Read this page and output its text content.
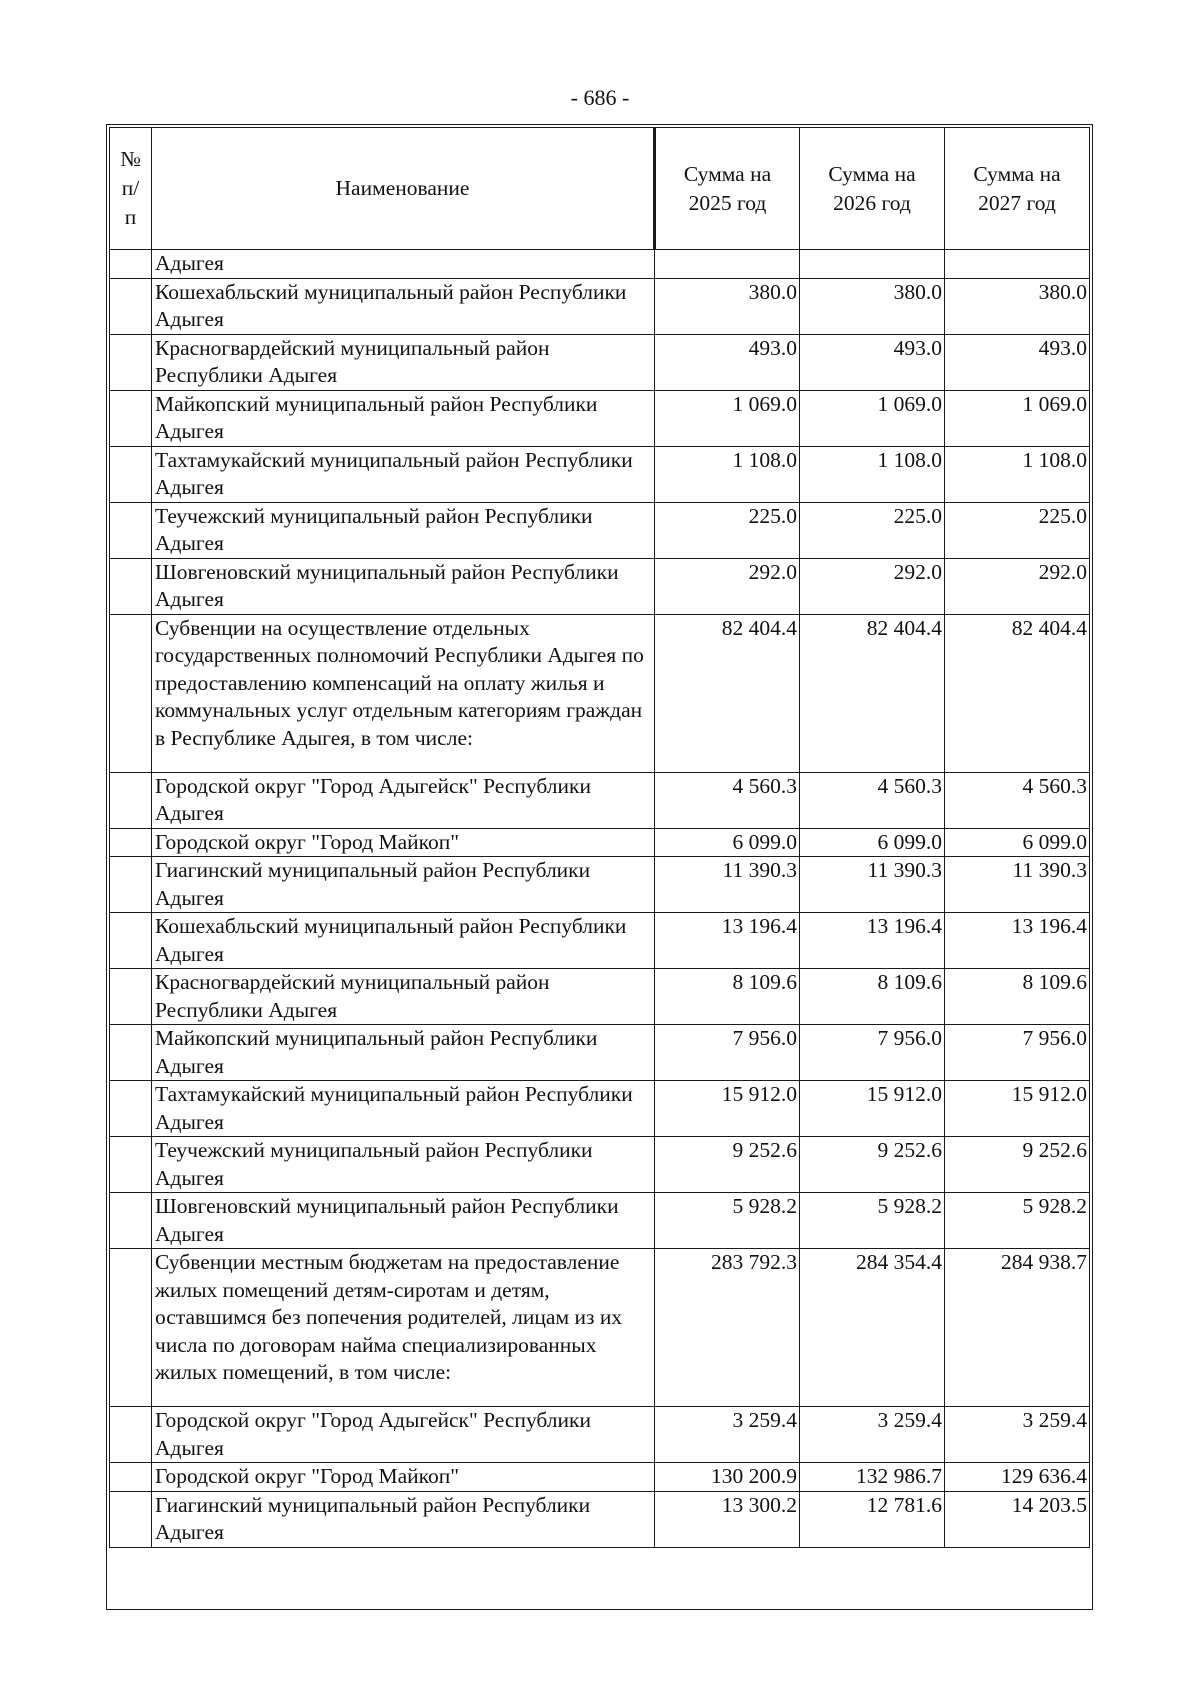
- 686 -
№ п/п	Наименование	Сумма на 2025 год	Сумма на 2026 год	Сумма на 2027 год
	Адыгея			
	Кошехабльский муниципальный район Республики Адыгея	380.0	380.0	380.0
	Красногвардейский муниципальный район Республики Адыгея	493.0	493.0	493.0
	Майкопский муниципальный район Республики Адыгея	1 069.0	1 069.0	1 069.0
	Тахтамукайский муниципальный район Республики Адыгея	1 108.0	1 108.0	1 108.0
	Теучежский муниципальный район Республики Адыгея	225.0	225.0	225.0
	Шовгеновский муниципальный район Республики Адыгея	292.0	292.0	292.0
	Субвенции на осуществление отдельных государственных полномочий Республики Адыгея по предоставлению компенсаций на оплату жилья и коммунальных услуг отдельным категориям граждан в Республике Адыгея, в том числе:	82 404.4	82 404.4	82 404.4
	Городской округ "Город Адыгейск" Республики Адыгея	4 560.3	4 560.3	4 560.3
	Городской округ "Город Майкоп"	6 099.0	6 099.0	6 099.0
	Гиагинский муниципальный район Республики Адыгея	11 390.3	11 390.3	11 390.3
	Кошехабльский муниципальный район Республики Адыгея	13 196.4	13 196.4	13 196.4
	Красногвардейский муниципальный район Республики Адыгея	8 109.6	8 109.6	8 109.6
	Майкопский муниципальный район Республики Адыгея	7 956.0	7 956.0	7 956.0
	Тахтамукайский муниципальный район Республики Адыгея	15 912.0	15 912.0	15 912.0
	Теучежский муниципальный район Республики Адыгея	9 252.6	9 252.6	9 252.6
	Шовгеновский муниципальный район Республики Адыгея	5 928.2	5 928.2	5 928.2
	Субвенции местным бюджетам на предоставление жилых помещений детям-сиротам и детям, оставшимся без попечения родителей, лицам из их числа по договорам найма специализированных жилых помещений, в том числе:	283 792.3	284 354.4	284 938.7
	Городской округ "Город Адыгейск" Республики Адыгея	3 259.4	3 259.4	3 259.4
	Городской округ "Город Майкоп"	130 200.9	132 986.7	129 636.4
	Гиагинский муниципальный район Республики Адыгея	13 300.2	12 781.6	14 203.5
